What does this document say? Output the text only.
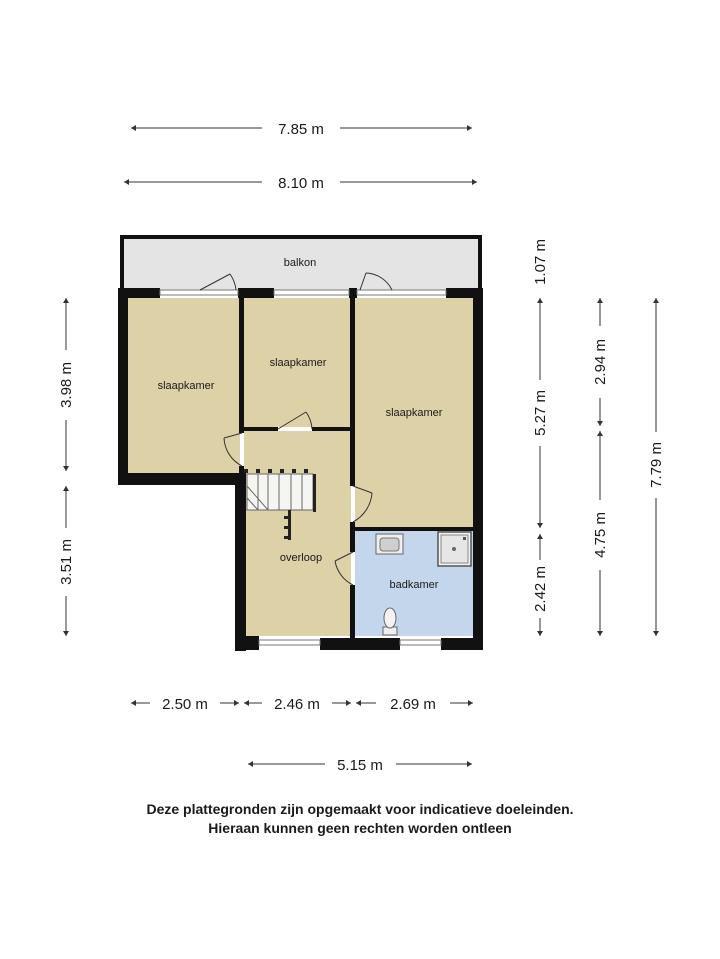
balkon
slaapkamer
slaapkamer
slaapkamer
overloop
badkamer
7.85 m
8.10 m
2.50 m	2.46 m	2.69 m
5.15 m
3.98 m
3.51 m
1.07 m
5.27 m
2.42 m
2.94 m
4.75 m
7.79 m
Deze plattegronden zijn opgemaakt voor indicatieve doeleinden.
Hieraan kunnen geen rechten worden ontleen
